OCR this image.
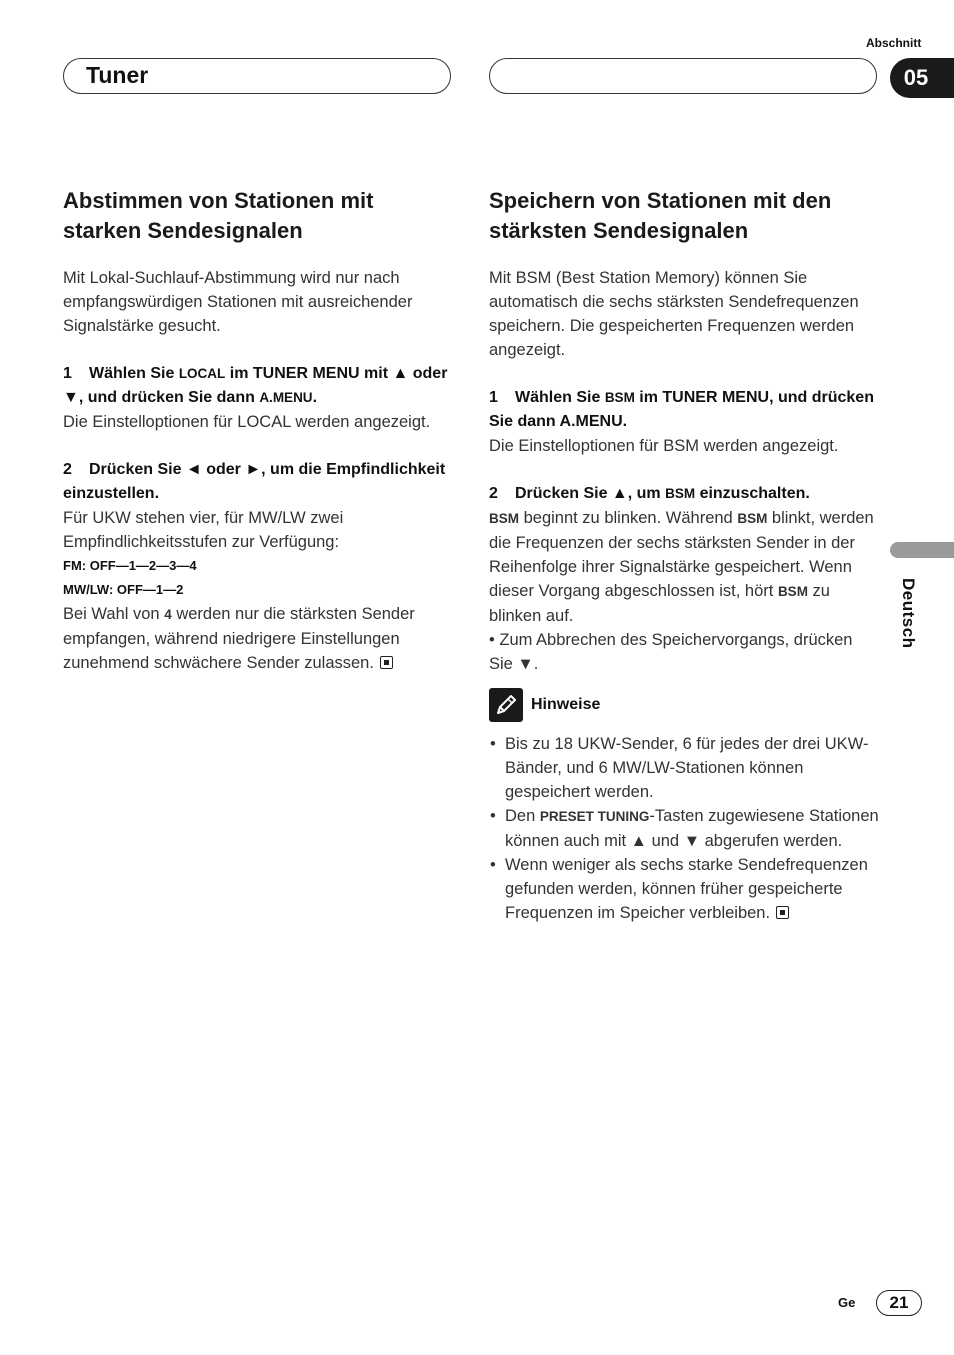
Abschnitt
Tuner	05
Abstimmen von Stationen mit starken Sendesignalen

Mit Lokal-Suchlauf-Abstimmung wird nur nach empfangswürdigen Stationen mit ausreichender Signalstärke gesucht.

1 Wählen Sie LOCAL im TUNER MENU mit ▲ oder ▼, und drücken Sie dann A.MENU.

Die Einstelloptionen für LOCAL werden angezeigt.

2 Drücken Sie ◄ oder ►, um die Empfindlichkeit einzustellen.

Für UKW stehen vier, für MW/LW zwei Empfindlichkeitsstufen zur Verfügung:

FM: OFF—1—2—3—4

MW/LW: OFF—1—2

Bei Wahl von 4 werden nur die stärksten Sender empfangen, während niedrigere Einstellungen zunehmend schwächere Sender zulassen.

Speichern von Stationen mit den stärksten Sendesignalen

Mit BSM (Best Station Memory) können Sie automatisch die sechs stärksten Sendefrequenzen speichern. Die gespeicherten Frequenzen werden angezeigt.

1 Wählen Sie BSM im TUNER MENU, und drücken Sie dann A.MENU.

Die Einstelloptionen für BSM werden angezeigt.

2 Drücken Sie ▲, um BSM einzuschalten.

BSM beginnt zu blinken. Während BSM blinkt, werden die Frequenzen der sechs stärksten Sender in der Reihenfolge ihrer Signalstärke gespeichert. Wenn dieser Vorgang abgeschlossen ist, hört BSM zu blinken auf.

• Zum Abbrechen des Speichervorgangs, drücken Sie ▼.

Hinweise
• Bis zu 18 UKW-Sender, 6 für jedes der drei UKW-Bänder, und 6 MW/LW-Stationen können gespeichert werden.
• Den PRESET TUNING-Tasten zugewiesene Stationen können auch mit ▲ und ▼ abgerufen werden.
• Wenn weniger als sechs starke Sendefrequenzen gefunden werden, können früher gespeicherte Frequenzen im Speicher verbleiben.
Deutsch
Ge	21
